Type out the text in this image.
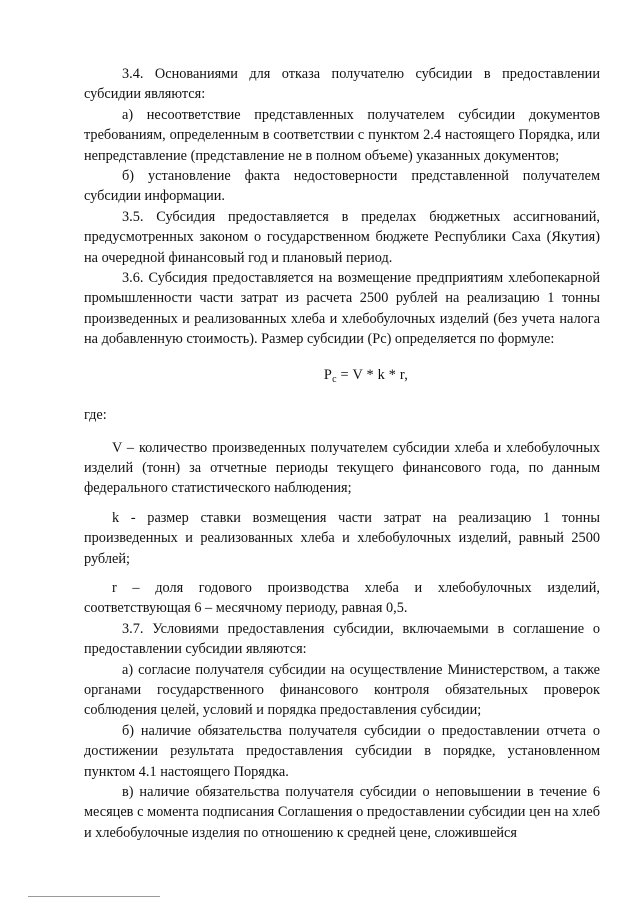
3.4. Основаниями для отказа получателю субсидии в предоставлении субсидии являются:

а) несоответствие представленных получателем субсидии документов требованиям, определенным в соответствии с пунктом 2.4 настоящего Порядка, или непредставление (представление не в полном объеме) указанных документов;

б) установление факта недостоверности представленной получателем субсидии информации.

3.5. Субсидия предоставляется в пределах бюджетных ассигнований, предусмотренных законом о государственном бюджете Республики Саха (Якутия) на очередной финансовый год и плановый период.

3.6. Субсидия предоставляется на возмещение предприятиям хлебопекарной промышленности части затрат из расчета 2500 рублей на реализацию 1 тонны произведенных и реализованных хлеба и хлебобулочных изделий (без учета налога на добавленную стоимость). Размер субсидии (Рс) определяется по формуле:

$Р_с = V * k * r$,

где:

V – количество произведенных получателем субсидии хлеба и хлебобулочных изделий (тонн) за отчетные периоды текущего финансового года, по данным федерального статистического наблюдения;

k - размер ставки возмещения части затрат на реализацию 1 тонны произведенных и реализованных хлеба и хлебобулочных изделий, равный 2500 рублей;

r – доля годового производства хлеба и хлебобулочных изделий, соответствующая 6 – месячному периоду, равная 0,5.

3.7. Условиями предоставления субсидии, включаемыми в соглашение о предоставлении субсидии являются:

а) согласие получателя субсидии на осуществление Министерством, а также органами государственного финансового контроля обязательных проверок соблюдения целей, условий и порядка предоставления субсидии;

б) наличие обязательства получателя субсидии о предоставлении отчета о достижении результата предоставления субсидии в порядке, установленном пунктом 4.1 настоящего Порядка.

в) наличие обязательства получателя субсидии о неповышении в течение 6 месяцев с момента подписания Соглашения о предоставлении субсидии цен на хлеб и хлебобулочные изделия по отношению к средней цене, сложившейся
